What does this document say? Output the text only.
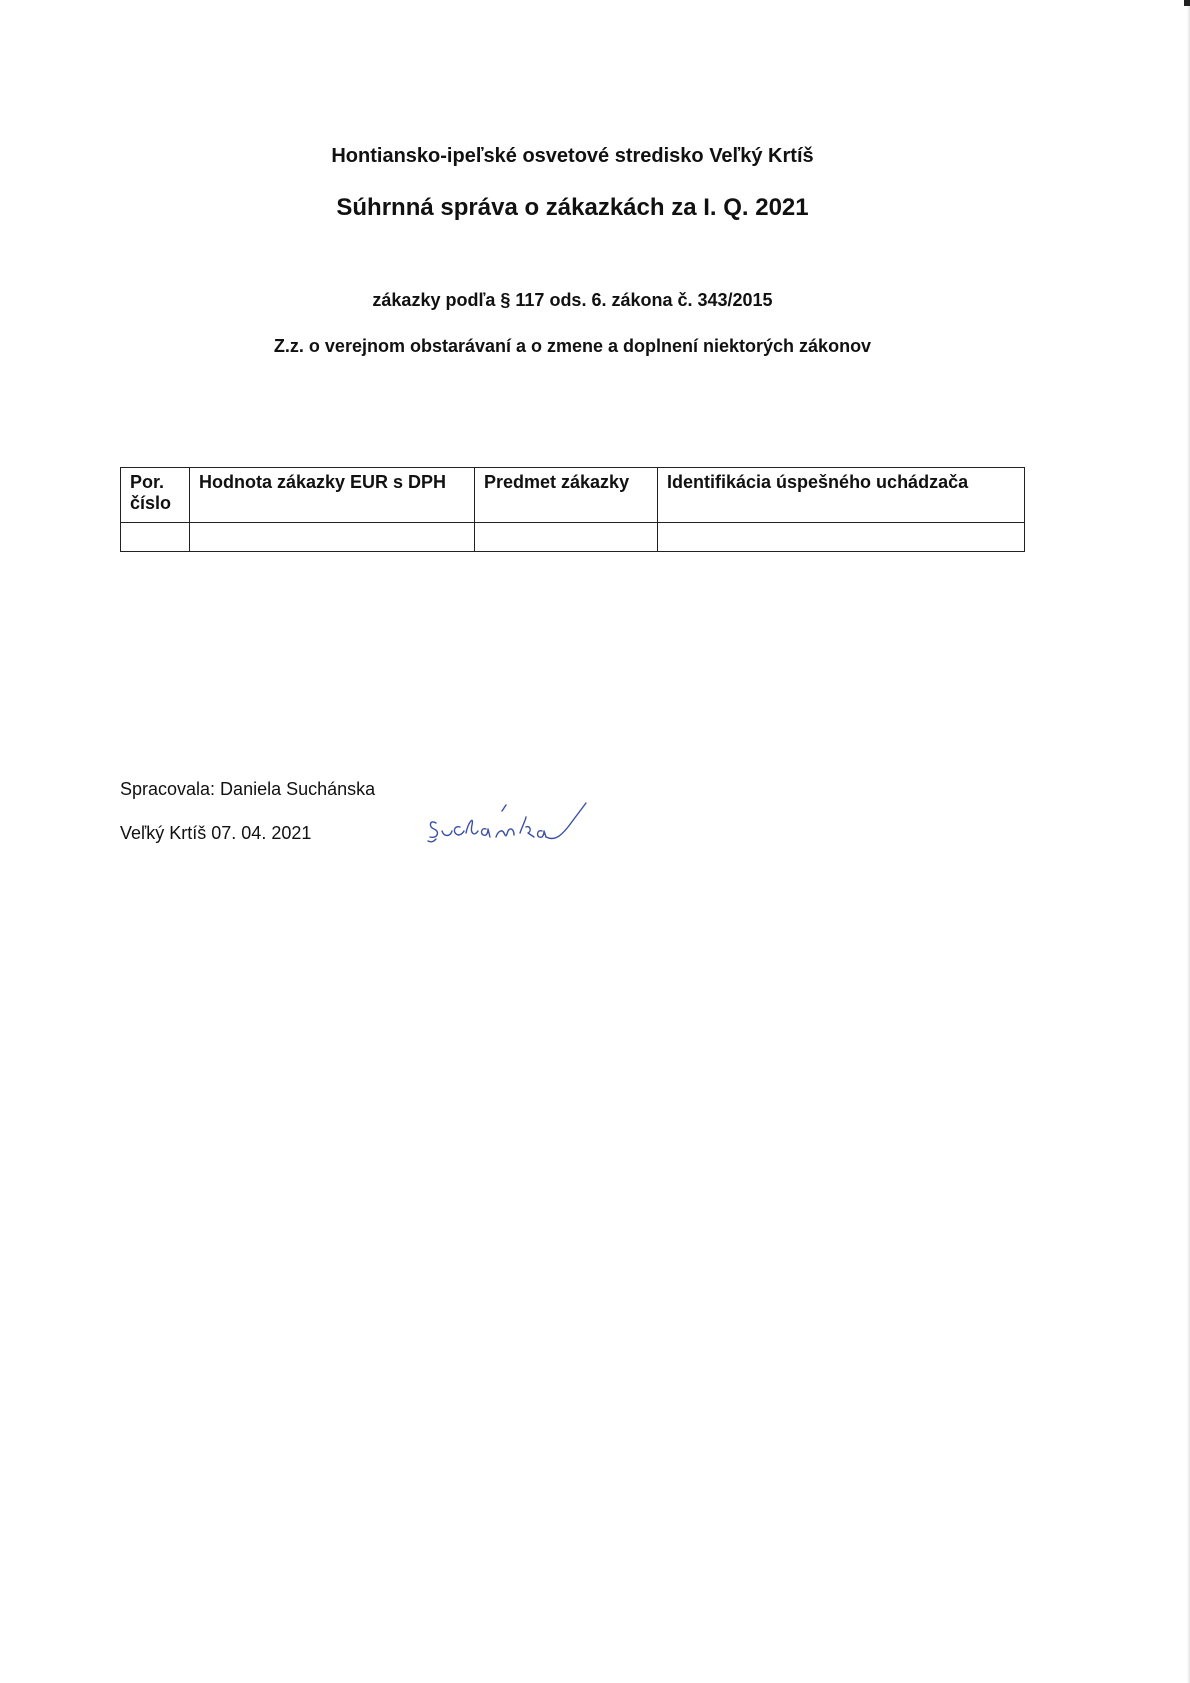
Hontiansko-ipeľské osvetové stredisko Veľký Krtíš
Súhrnná správa o zákazkách za I. Q. 2021
zákazky podľa § 117 ods. 6. zákona č. 343/2015
Z.z. o verejnom obstarávaní a o zmene a doplnení niektorých zákonov
Por. číslo	Hodnota zákazky EUR s DPH	Predmet zákazky	Identifikácia úspešného uchádzača

Spracovala: Daniela Suchánska
Veľký Krtíš 07. 04. 2021
